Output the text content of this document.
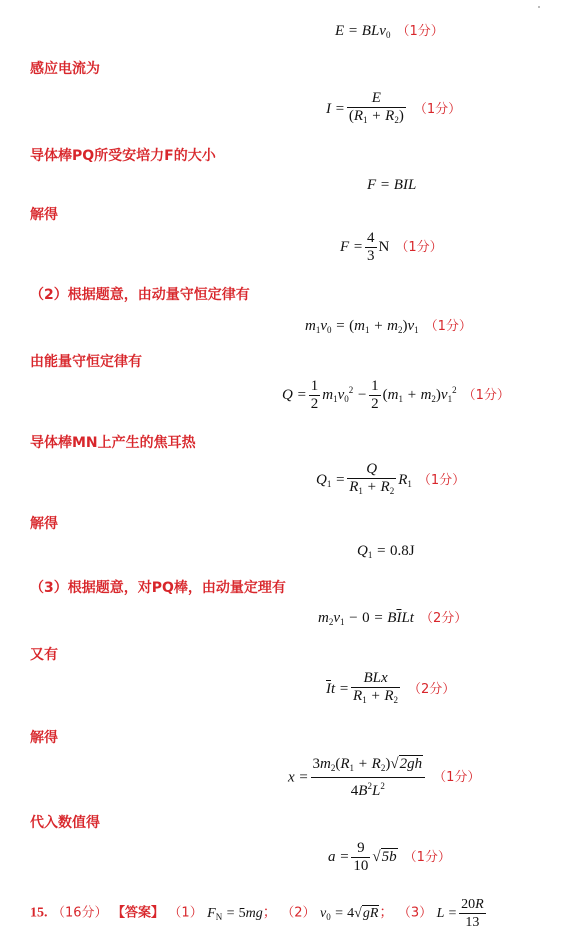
E = BLv$_0$ （1分）
感应电流为
$I = \frac{E}{(R_1 + R_2)} (1$分）
导体棒PQ所受安培力F的大小
F = BIL
解得
$F = \frac{4}{3}$ N （1分）
（2）根据题意，由动量守恒定律有
$m_1v_0 = (m_1 + m_2)v_1$ （1分）
由能量守恒定律有
$Q = \frac{1}{2} m_1v_0^2 - \frac{1}{2} (m_1 + m_2)v_1^2$ （1分）
导体棒MN上产生的焦耳热
$Q_1 = \frac{Q}{R_1 + R_2} R_1$ （1分）
解得
$Q_1 = 0.8J$
（3）根据题意，对PQ棒，由动量定理有
$m_2v_1 - 0 = B\overline{I}Lt$ （2分）
又有
$\overline{I}t = \frac{\text{BLx}}{R_1 + R_2} (2$分）
解得
$x = \frac{3m_2(R_1 + R_2)√2gh}{4B^2L^2} (1$分）
代入数值得
$a = \frac{9}{10} √5b$ （1分）
15. （16分） 【答案】 （1） $F_N = 5mg$； （2） $v_0 = 4√gR$； （3） $L = \frac{20R}{13}$
